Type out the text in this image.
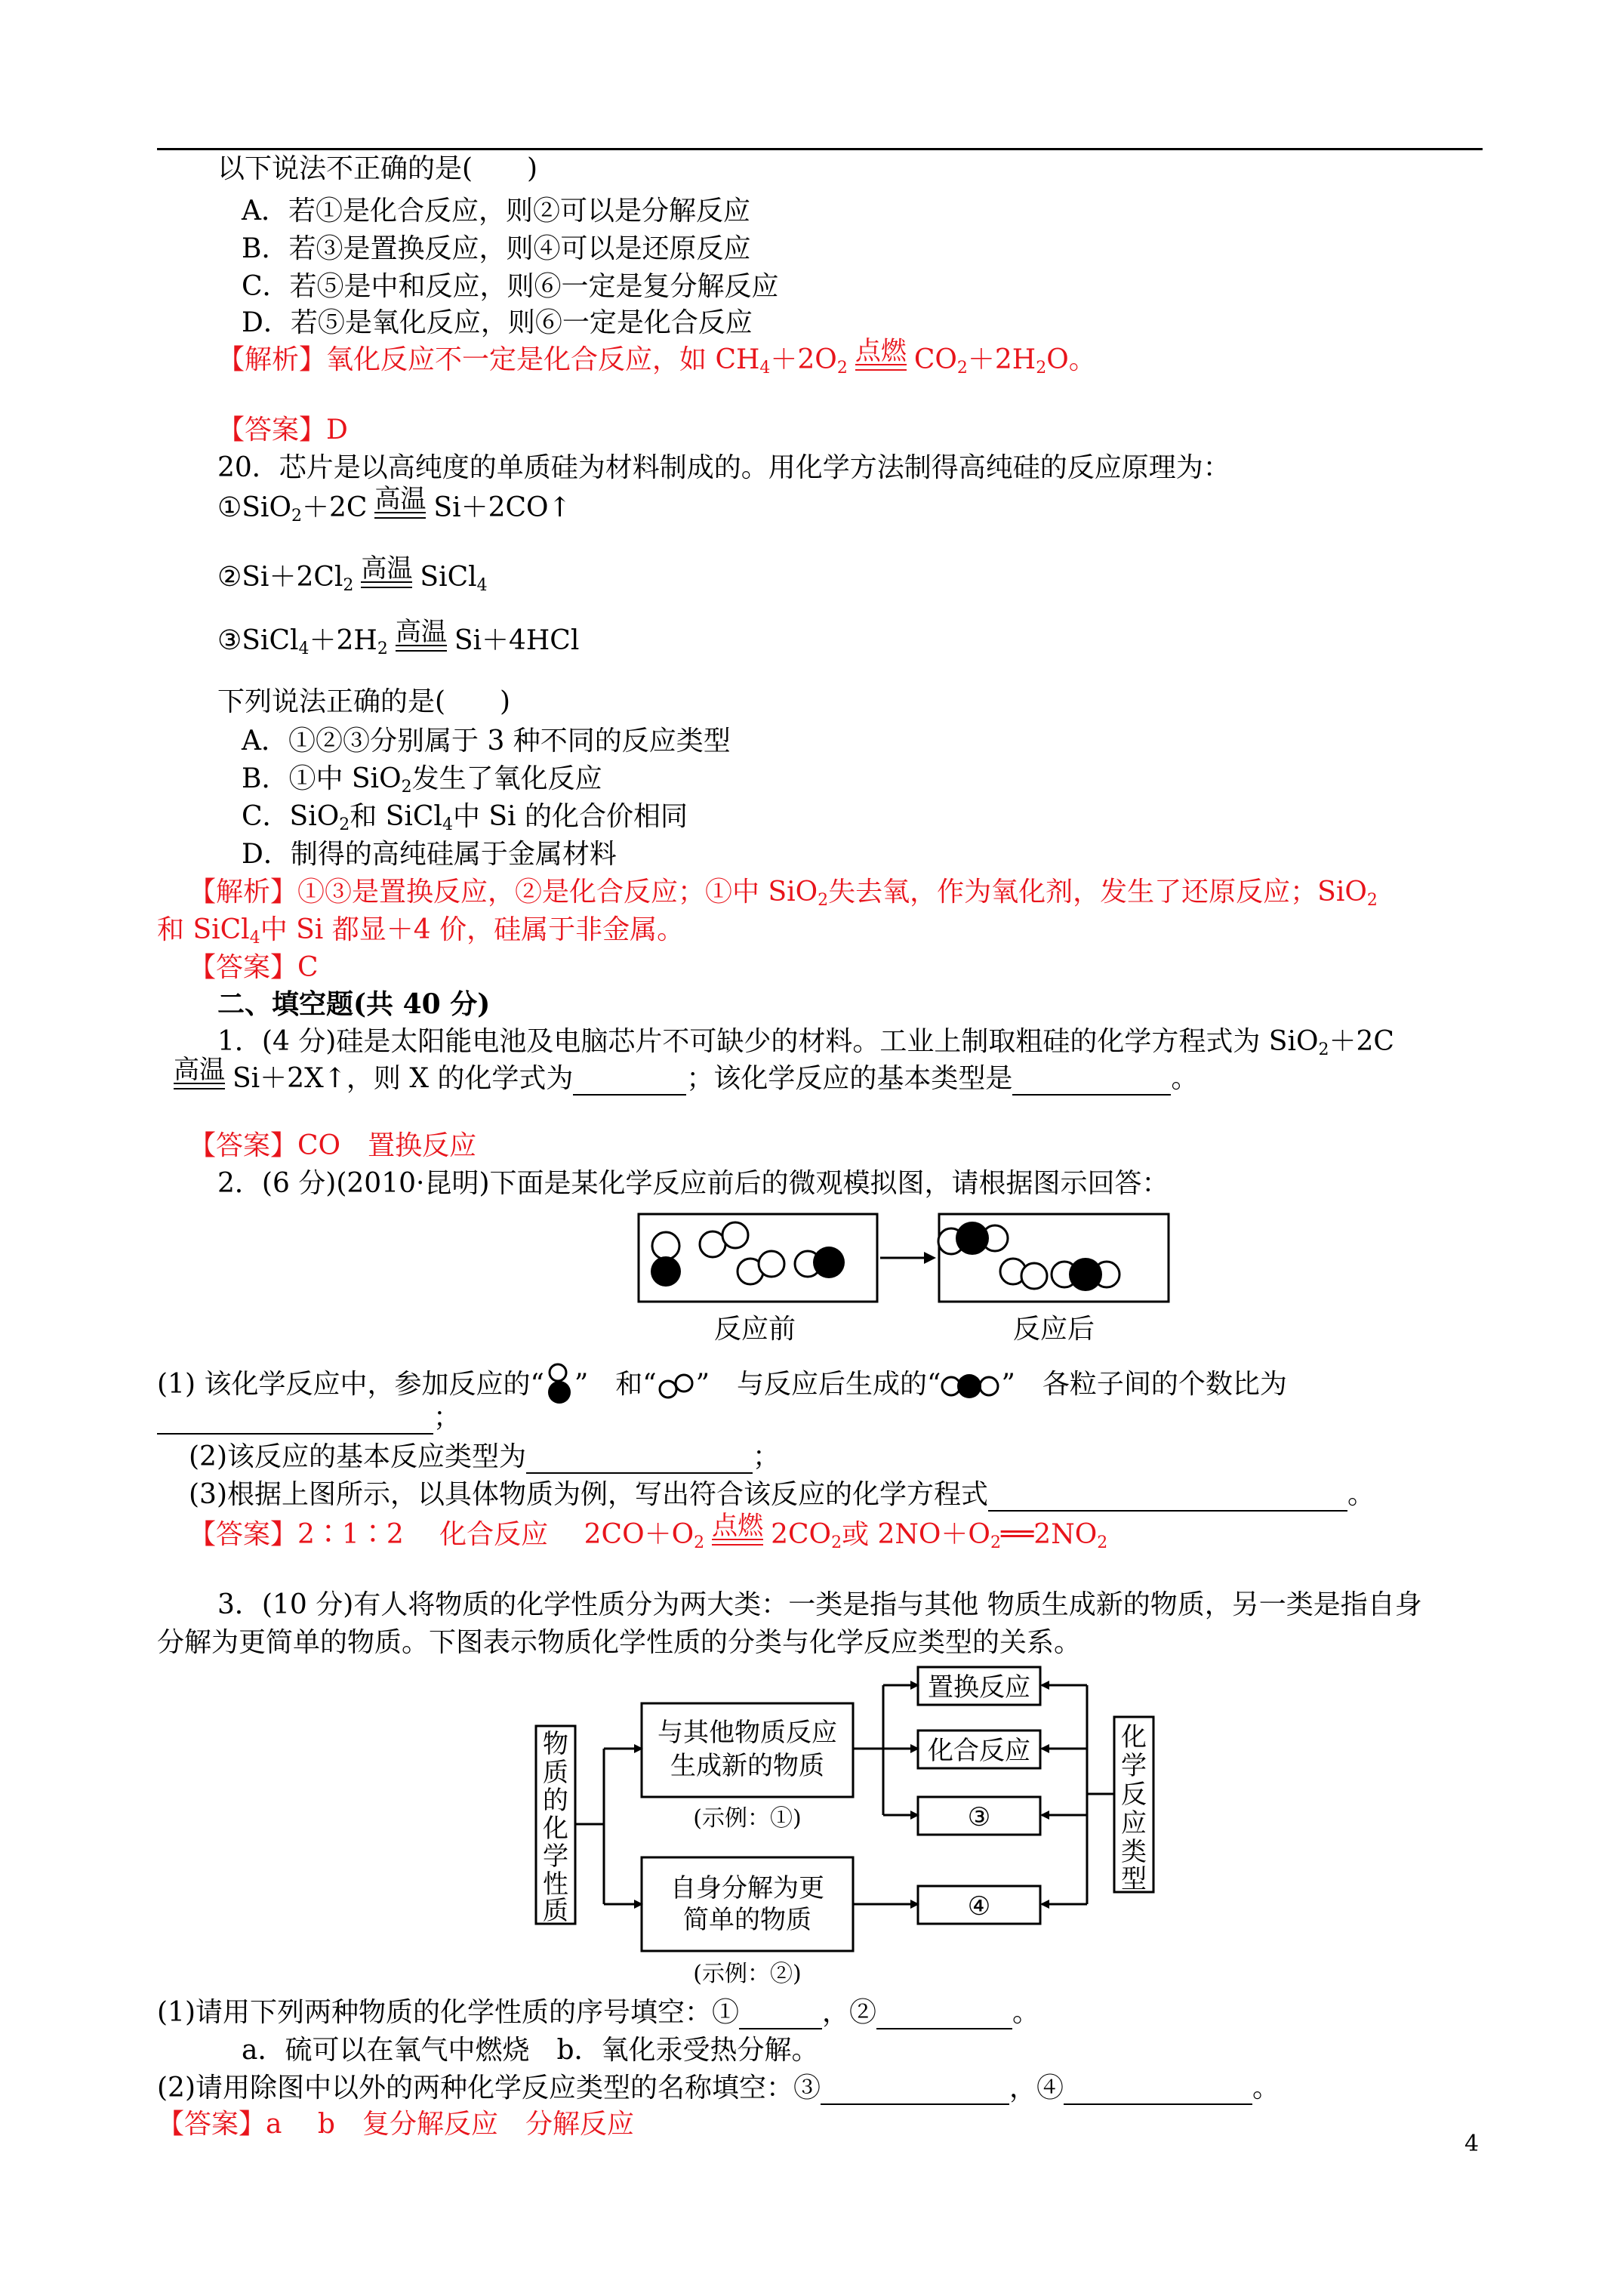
以下说法不正确的是(　　)
A．若①是化合反应，则②可以是分解反应
B．若③是置换反应，则④可以是还原反应
C．若⑤是中和反应，则⑥一定是复分解反应
D．若⑤是氧化反应，则⑥一定是化合反应
【解析】氧化反应不一定是化合反应，如 $CH_4+2O_2$
点燃 $CO_2+2H_2O$。
【答案】D
20．芯片是以高纯度的单质硅为材料制成的。用化学方法制得高纯硅的反应原理为：
①SiO$_2$＋2C 高温 Si＋2CO↑
$②Si+2Cl_2$
高温 SiCl$_4$
$③SiCl_4+2H_2$
高温 Si＋4HCl
下列说法正确的是(　　)
A．①②③分别属于 3 种不同的反应类型
B．①中 SiO$_2$发生了氧化反应
C．SiO$_2$和 SiCl$_4$中 Si 的化合价相同
D．制得的高纯硅属于金属材料
【解析】①③是置换反应，②是化合反应；①中 SiO$_2$失去氧，作为氧化剂，发生了还原反应；SiO$_2$
和 SiCl$_4$中 Si 都显＋4 价，硅属于非金属。
【答案】C
二、填空题(共 40 分)
1．(4 分)硅是太阳能电池及电脑芯片不可缺少的材料。工业上制取粗硅的化学方程式为 SiO$_2$＋2C
高温 Si＋2X↑，则 X 的化学式为	；该化学反应的基本类型是	。
【答案】CO　置换反应
2．(6 分)(2010·昆明)下面是某化学反应前后的微观模拟图，请根据图示回答：
反应前	反应后
(1) 该化学反应中，参加反应的“ ”　和“ ”　与反应后生成的“ ”　各粒子间的个数比为
；
(2)该反应的基本反应类型为	；
(3)根据上图所示，以具体物质为例，写出符合该反应的化学方程式	。
【答案】2∶1∶2　 化合反应　 $2CO+O_2$
点燃 $2CO_2$或 $2NO+O_2══2NO_2$
3．(10 分)有人将物质的化学性质分为两大类：一类是指与其他 物质生成新的物质，另一类是指自身
分解为更简单的物质。下图表示物质化学性质的分类与化学反应类型的关系。
物
质
的
化
学
性
质
与其他物质反应
生成新的物质
(示例：①)
自身分解为更
简单的物质
(示例：②)
置换反应
化合反应
③
④
化
学
反
应
类
型
(1)请用下列两种物质的化学性质的序号填空：①	，②	。
a．硫可以在氧气中燃烧　b．氧化汞受热分解。
(2)请用除图中以外的两种化学反应类型的名称填空：③	，④	。
【答案】a　 b　复分解反应　分解反应
4
